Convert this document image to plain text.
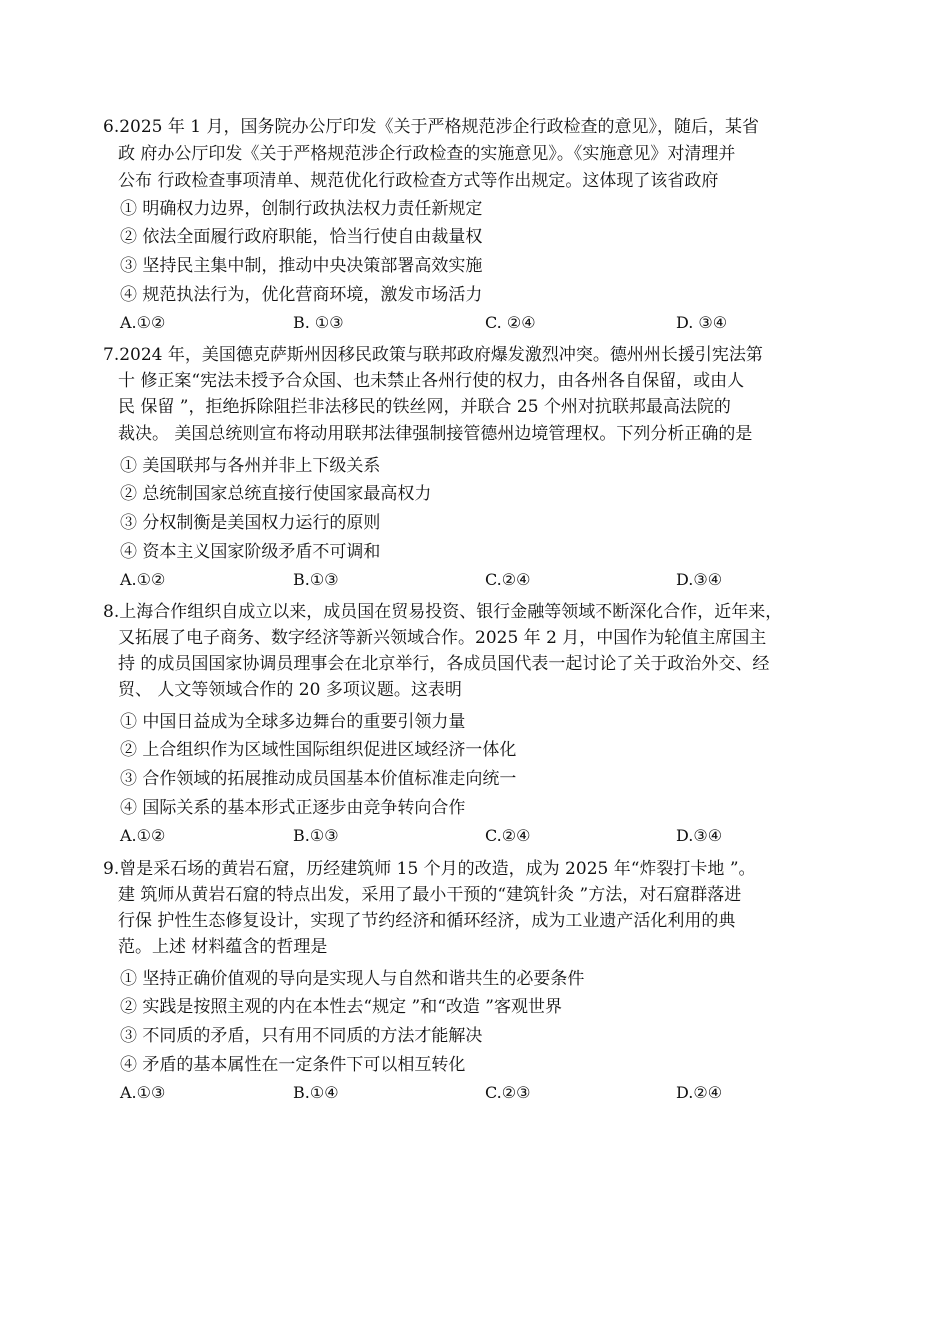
6.2025 年 1 月，国务院办公厅印发《关于严格规范涉企行政检查的意见》，随后，某省
政 府办公厅印发《关于严格规范涉企行政检查的实施意见》。《实施意见》对清理并
公布 行政检查事项清单、规范优化行政检查方式等作出规定。这体现了该省政府
① 明确权力边界，创制行政执法权力责任新规定
② 依法全面履行政府职能，恰当行使自由裁量权
③ 坚持民主集中制，推动中央决策部署高效实施
④ 规范执法行为，优化营商环境，激发市场活力
A.①②	B. ①③	C. ②④	D. ③④
7.2024 年，美国德克萨斯州因移民政策与联邦政府爆发激烈冲突。德州州长援引宪法第
十 修正案“宪法未授予合众国、也未禁止各州行使的权力，由各州各自保留，或由人
民 保留 ”，拒绝拆除阻拦非法移民的铁丝网，并联合 25 个州对抗联邦最高法院的
裁决。 美国总统则宣布将动用联邦法律强制接管德州边境管理权。下列分析正确的是
① 美国联邦与各州并非上下级关系
② 总统制国家总统直接行使国家最高权力
③ 分权制衡是美国权力运行的原则
④ 资本主义国家阶级矛盾不可调和
A.①②	B.①③	C.②④	D.③④
8.上海合作组织自成立以来，成员国在贸易投资、银行金融等领域不断深化合作，近年来，
又拓展了电子商务、数字经济等新兴领域合作。2025 年 2 月，中国作为轮值主席国主
持 的成员国国家协调员理事会在北京举行，各成员国代表一起讨论了关于政治外交、经
贸、 人文等领域合作的 20 多项议题。这表明
① 中国日益成为全球多边舞台的重要引领力量
② 上合组织作为区域性国际组织促进区域经济一体化
③ 合作领域的拓展推动成员国基本价值标准走向统一
④ 国际关系的基本形式正逐步由竞争转向合作
A.①②	B.①③	C.②④	D.③④
9.曾是采石场的黄岩石窟，历经建筑师 15 个月的改造，成为 2025 年“炸裂打卡地 ”。
建 筑师从黄岩石窟的特点出发，采用了最小干预的“建筑针灸 ”方法，对石窟群落进
行保 护性生态修复设计，实现了节约经济和循环经济，成为工业遗产活化利用的典
范。上述 材料蕴含的哲理是
① 坚持正确价值观的导向是实现人与自然和谐共生的必要条件
② 实践是按照主观的内在本性去“规定 ”和“改造 ”客观世界
③ 不同质的矛盾，只有用不同质的方法才能解决
④ 矛盾的基本属性在一定条件下可以相互转化
A.①③	B.①④	C.②③	D.②④
